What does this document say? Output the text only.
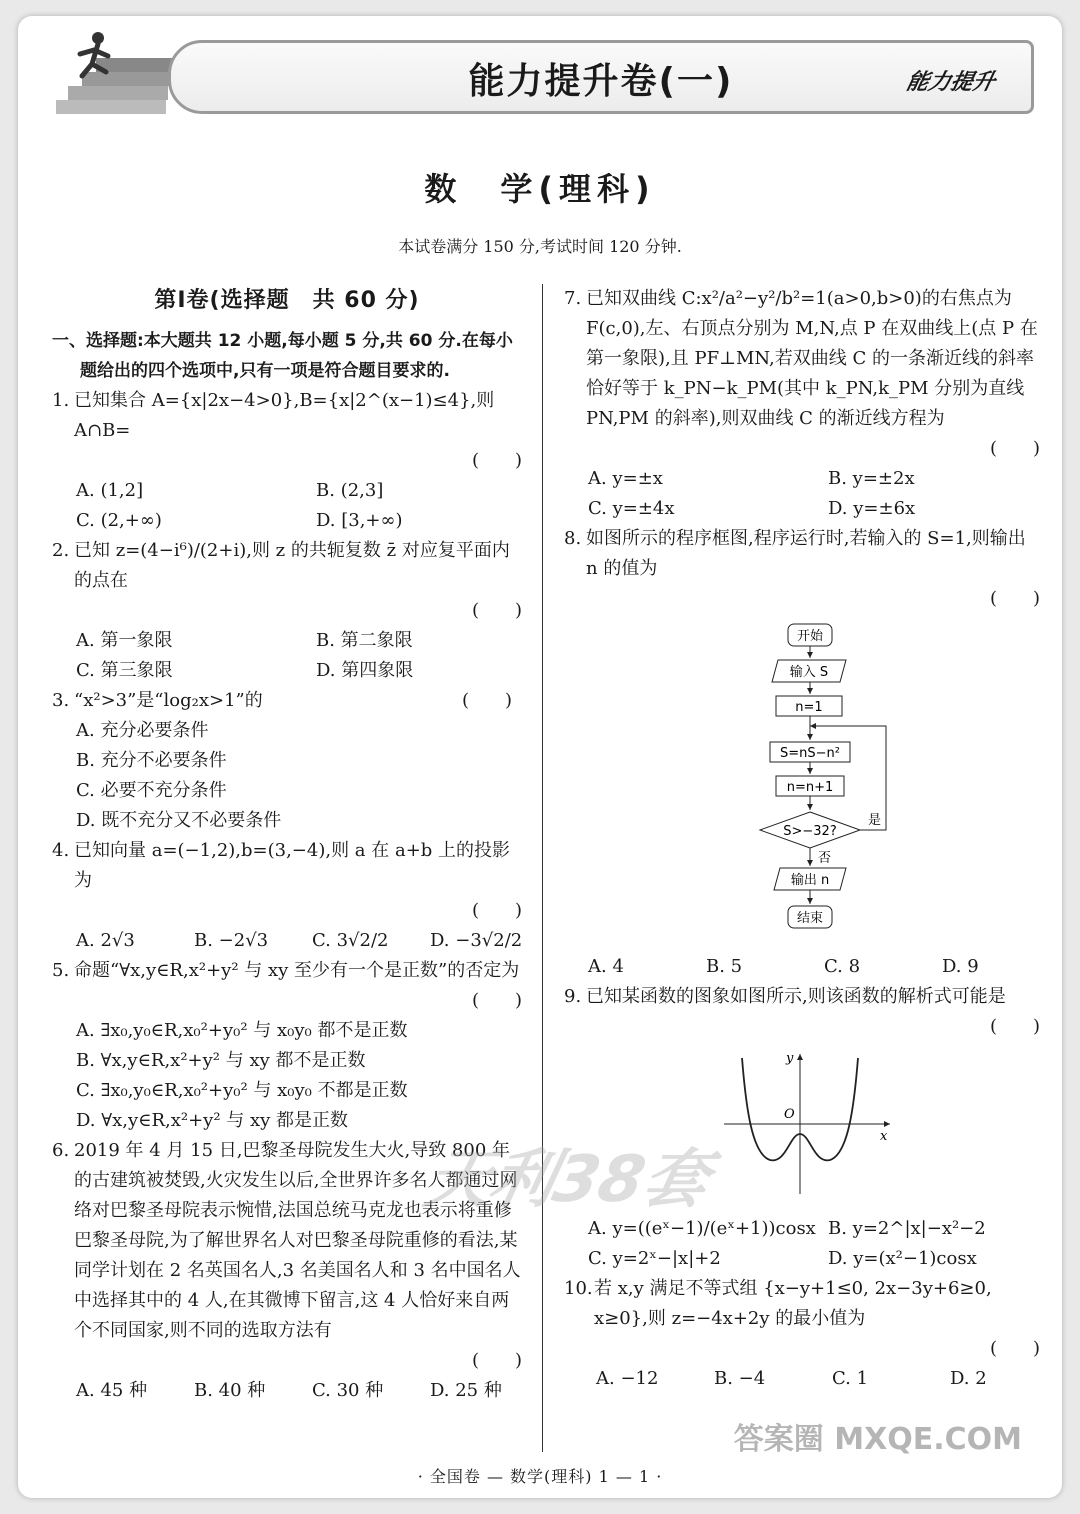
能力提升卷(一)	能力提升
数　学(理科)
本试卷满分 150 分,考试时间 120 分钟.
第Ⅰ卷(选择题　共 60 分)
一、选择题:本大题共 12 小题,每小题 5 分,共 60 分.在每小题给出的四个选项中,只有一项是符合题目要求的.
1. 已知集合 A={x|2x−4>0},B={x|2^(x−1)≤4},则 A∩B=
(　　)
A. (1,2]	B. (2,3]
C. (2,+∞)	D. [3,+∞)
2. 已知 z=(4−i⁶)/(2+i),则 z 的共轭复数 z̄ 对应复平面内的点在
(　　)
A. 第一象限	B. 第二象限
C. 第三象限	D. 第四象限
3.	(　　)
“x²>3”是“log₂x>1”的
A. 充分必要条件
B. 充分不必要条件
C. 必要不充分条件
D. 既不充分又不必要条件
4. 已知向量 a=(−1,2),b=(3,−4),则 a 在 a+b 上的投影为
(　　)
A. 2√3	B. −2√3	C. 3√2/2	D. −3√2/2
5. 命题“∀x,y∈R,x²+y² 与 xy 至少有一个是正数”的否定为
(　　)
A. ∃x₀,y₀∈R,x₀²+y₀² 与 x₀y₀ 都不是正数
B. ∀x,y∈R,x²+y² 与 xy 都不是正数
C. ∃x₀,y₀∈R,x₀²+y₀² 与 x₀y₀ 不都是正数
D. ∀x,y∈R,x²+y² 与 xy 都是正数
6. 2019 年 4 月 15 日,巴黎圣母院发生大火,导致 800 年的古建筑被焚毁,火灾发生以后,全世界许多名人都通过网络对巴黎圣母院表示惋惜,法国总统马克龙也表示将重修巴黎圣母院,为了解世界名人对巴黎圣母院重修的看法,某同学计划在 2 名英国名人,3 名美国名人和 3 名中国名人中选择其中的 4 人,在其微博下留言,这 4 人恰好来自两个不同国家,则不同的选取方法有
(　　)
A. 45 种	B. 40 种	C. 30 种	D. 25 种
7. 已知双曲线 C:x²/a²−y²/b²=1(a>0,b>0)的右焦点为 F(c,0),左、右顶点分别为 M,N,点 P 在双曲线上(点 P 在第一象限),且 PF⊥MN,若双曲线 C 的一条渐近线的斜率恰好等于 k_PN−k_PM(其中 k_PN,k_PM 分别为直线 PN,PM 的斜率),则双曲线 C 的渐近线方程为
(　　)
A. y=±x	B. y=±2x
C. y=±4x	D. y=±6x
8. 如图所示的程序框图,程序运行时,若输入的 S=1,则输出 n 的值为
(　　)
开始
输入 S
n=1
S=nS−n²
n=n+1
S>−32?
是
否
输出 n
结束
A. 4	B. 5	C. 8	D. 9
9. 已知某函数的图象如图所示,则该函数的解析式可能是
(　　)
x
y
O
A. y=((eˣ−1)/(eˣ+1))cosx B. y=2^|x|−x²−2
C. y=2ˣ−|x|+2	D. y=(x²−1)cosx
10. 若 x,y 满足不等式组 {x−y+1≤0, 2x−3y+6≥0, x≥0},则 z=−4x+2y 的最小值为
(　　)
A. −12	B. −4	C. 1	D. 2
天利38套
· 全国卷 — 数学(理科) 1 — 1 ·
答案圈 MXQE.COM
